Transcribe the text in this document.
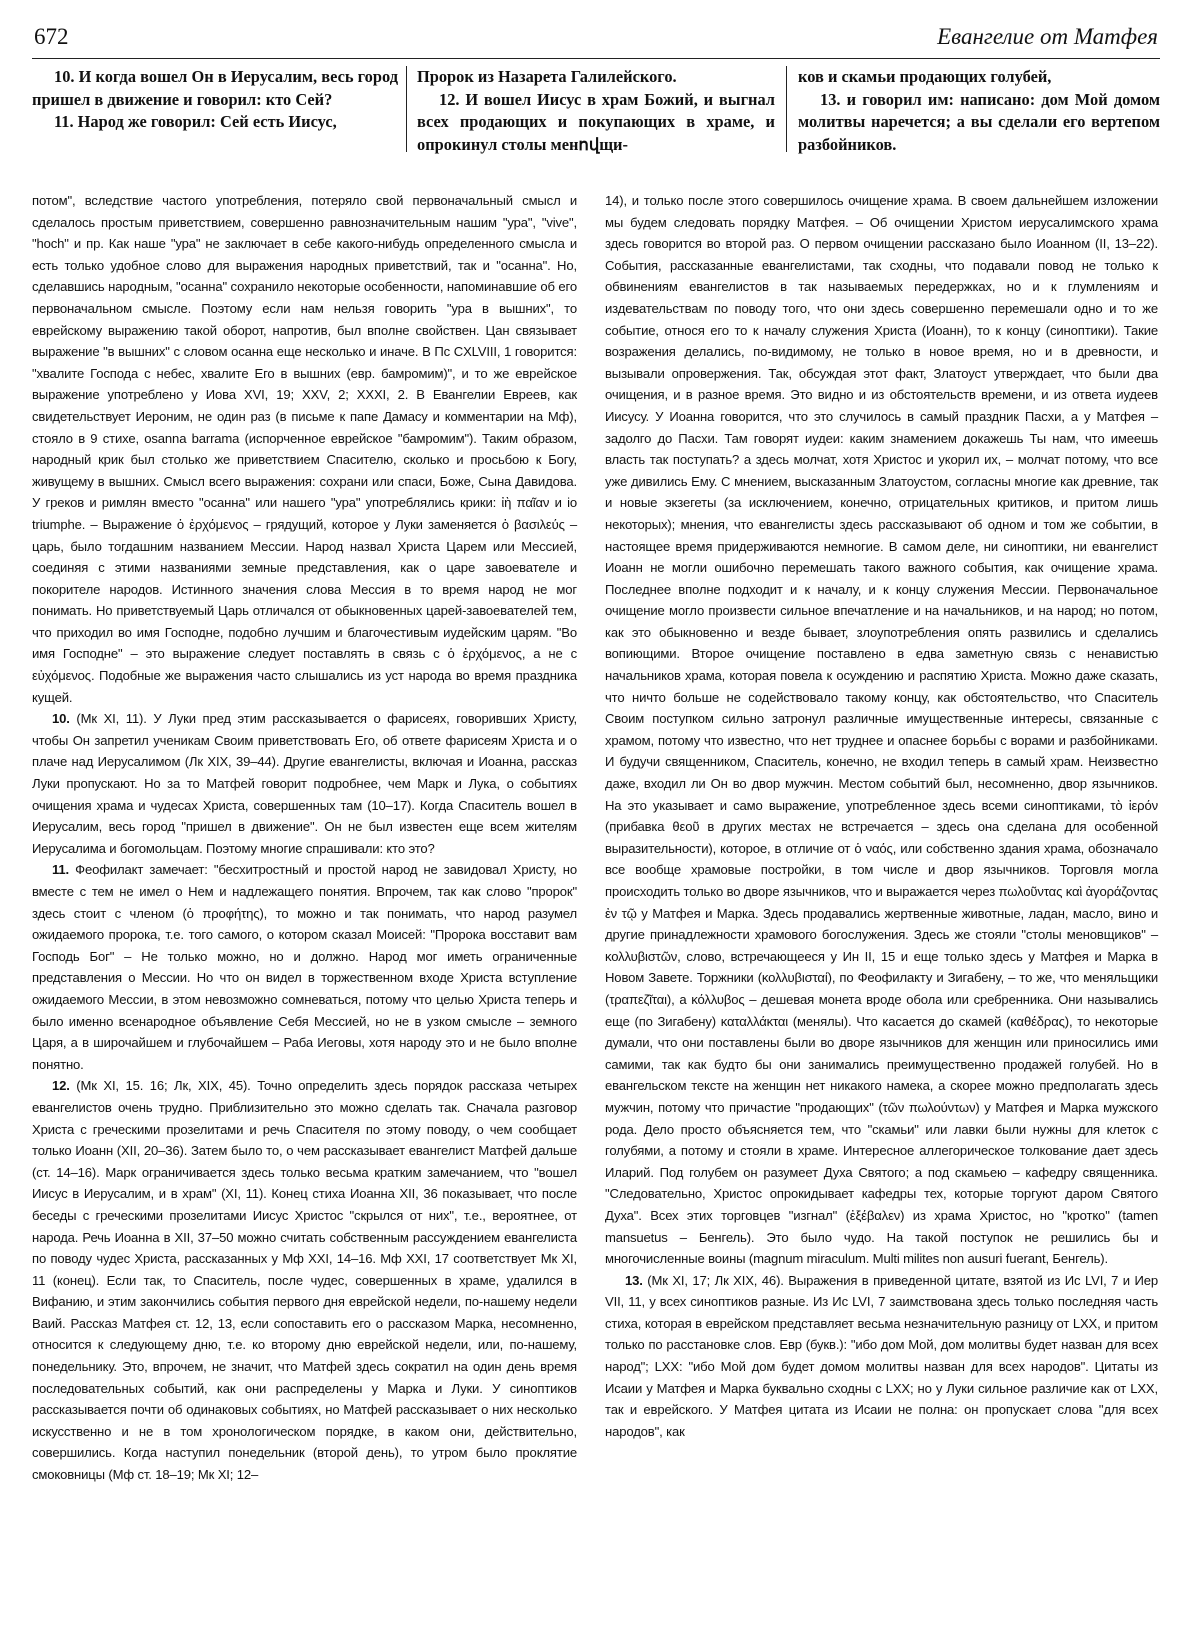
672	Евангелие от Матфея

10. И когда вошел Он в Иерусалим, весь город пришел в движение и говорил: кто Сей?

11. Народ же говорил: Сей есть Иисус,

Пророк из Назарета Галилейского.

12. И вошел Иисус в храм Божий, и выгнал всех продающих и покупающих в храме, и опрокинул столы менովщи-

ков и скамьи продающих голубей,

13. и говорил им: написано: дом Мой домом молитвы наречется; а вы сделали его вертепом разбойников.

потом", вследствие частого употребления, потеряло свой первоначальный смысл и сделалось простым приветствием, совершенно равнозначительным нашим "ура", "vive", "hoch" и пр. Как наше "ура" не заключает в себе какого-нибудь определенного смысла и есть только удобное слово для выражения народных приветствий, так и "осанна". Но, сделавшись народным, "осанна" сохранило некоторые особенности, напоминавшие об его первоначальном смысле. Поэтому если нам нельзя говорить "ура в вышних", то еврейскому выражению такой оборот, напротив, был вполне свойствен. Цан связывает выражение "в вышних" с словом осанна еще несколько и иначе. В Пс CXLVIII, 1 говорится: "хвалите Господа с небес, хвалите Его в вышних (евр. бамромим)", и то же еврейское выражение употреблено у Иова XVI, 19; XXV, 2; XXXI, 2. В Евангелии Евреев, как свидетельствует Иероним, не один раз (в письме к папе Дамасу и комментарии на Мф), стояло в 9 стихе, osanna barrama (испорченное еврейское "бамромим"). Таким образом, народный крик был столько же приветствием Спасителю, сколько и просьбою к Богу, живущему в вышних. Смысл всего выражения: сохрани или спаси, Боже, Сына Давидова. У греков и римлян вместо "осанна" или нашего "ура" употреблялись крики: ἰὴ παῖαν и io triumphe. – Выражение ὁ ἐρχόμενος – грядущий, которое у Луки заменяется ὁ βασιλεύς – царь, было тогдашним названием Мессии. Народ назвал Христа Царем или Мессией, соединяя с этими названиями земные представления, как о царе завоевателе и покорителе народов. Истинного значения слова Мессия в то время народ не мог понимать. Но приветствуемый Царь отличался от обыкновенных царей-завоевателей тем, что приходил во имя Господне, подобно лучшим и благочестивым иудейским царям. "Во имя Господне" – это выражение следует поставлять в связь с ὁ ἐρχόμενος, а не с εὐχόμενος. Подобные же выражения часто слышались из уст народа во время праздника кущей.

10. (Мк XI, 11). У Луки пред этим рассказывается о фарисеях, говоривших Христу, чтобы Он запретил ученикам Своим приветствовать Его, об ответе фарисеям Христа и о плаче над Иерусалимом (Лк XIX, 39–44). Другие евангелисты, включая и Иоанна, рассказ Луки пропускают. Но за то Матфей говорит подробнее, чем Марк и Лука, о событиях очищения храма и чудесах Христа, совершенных там (10–17). Когда Спаситель вошел в Иерусалим, весь город "пришел в движение". Он не был известен еще всем жителям Иерусалима и богомольцам. Поэтому многие спрашивали: кто это?

11. Феофилакт замечает: "бесхитростный и простой народ не завидовал Христу, но вместе с тем не имел о Нем и надлежащего понятия. Впрочем, так как слово "пророк" здесь стоит с членом (ὁ προφήτης), то можно и так понимать, что народ разумел ожидаемого пророка, т.е. того самого, о котором сказал Моисей: "Пророка восставит вам Господь Бог" – Не только можно, но и должно. Народ мог иметь ограниченные представления о Мессии. Но что он видел в торжественном входе Христа вступление ожидаемого Мессии, в этом невозможно сомневаться, потому что целью Христа теперь и было именно всенародное объявление Себя Мессией, но не в узком смысле – земного Царя, а в широчайшем и глубочайшем – Раба Иеговы, хотя народу это и не было вполне понятно.

12. (Мк XI, 15. 16; Лк, XIX, 45). Точно определить здесь порядок рассказа четырех евангелистов очень трудно. Приблизительно это можно сделать так. Сначала разговор Христа с греческими прозелитами и речь Спасителя по этому поводу, о чем сообщает только Иоанн (XII, 20–36). Затем было то, о чем рассказывает евангелист Матфей дальше (ст. 14–16). Марк ограничивается здесь только весьма кратким замечанием, что "вошел Иисус в Иерусалим, и в храм" (XI, 11). Конец стиха Иоанна XII, 36 показывает, что после беседы с греческими прозелитами Иисус Христос "скрылся от них", т.е., вероятнее, от народа. Речь Иоанна в XII, 37–50 можно считать собственным рассуждением евангелиста по поводу чудес Христа, рассказанных у Мф XXI, 14–16. Мф XXI, 17 соответствует Мк XI, 11 (конец). Если так, то Спаситель, после чудес, совершенных в храме, удалился в Вифанию, и этим закончились события первого дня еврейской недели, по-нашему недели Ваий. Рассказ Матфея ст. 12, 13, если сопоставить его о рассказом Марка, несомненно, относится к следующему дню, т.е. ко второму дню еврейской недели, или, по-нашему, понедельнику. Это, впрочем, не значит, что Матфей здесь сократил на один день время последовательных событий, как они распределены у Марка и Луки. У синоптиков рассказывается почти об одинаковых событиях, но Матфей рассказывает о них несколько искусственно и не в том хронологическом порядке, в каком они, действительно, совершились. Когда наступил понедельник (второй день), то утром было проклятие смоковницы (Мф ст. 18–19; Мк XI; 12–

14), и только после этого совершилось очищение храма. В своем дальнейшем изложении мы будем следовать порядку Матфея. – Об очищении Христом иерусалимского храма здесь говорится во второй раз. О первом очищении рассказано было Иоанном (II, 13–22). События, рассказанные евангелистами, так сходны, что подавали повод не только к обвинениям евангелистов в так называемых передержках, но и к глумлениям и издевательствам по поводу того, что они здесь совершенно перемешали одно и то же событие, относя его то к началу служения Христа (Иоанн), то к концу (синоптики). Такие возражения делались, по-видимому, не только в новое время, но и в древности, и вызывали опровержения. Так, обсуждая этот факт, Златоуст утверждает, что были два очищения, и в разное время. Это видно и из обстоятельств времени, и из ответа иудеев Иисусу. У Иоанна говорится, что это случилось в самый праздник Пасхи, а у Матфея – задолго до Пасхи. Там говорят иудеи: каким знамением докажешь Ты нам, что имеешь власть так поступать? а здесь молчат, хотя Христос и укорил их, – молчат потому, что все уже дивились Ему. С мнением, высказанным Златоустом, согласны многие как древние, так и новые экзегеты (за исключением, конечно, отрицательных критиков, и притом лишь некоторых); мнения, что евангелисты здесь рассказывают об одном и том же событии, в настоящее время придерживаются немногие. В самом деле, ни синоптики, ни евангелист Иоанн не могли ошибочно перемешать такого важного события, как очищение храма. Последнее вполне подходит и к началу, и к концу служения Мессии. Первоначальное очищение могло произвести сильное впечатление и на начальников, и на народ; но потом, как это обыкновенно и везде бывает, злоупотребления опять развились и сделались вопиющими. Второе очищение поставлено в едва заметную связь с ненавистью начальников храма, которая повела к осуждению и распятию Христа. Можно даже сказать, что ничто больше не содействовало такому концу, как обстоятельство, что Спаситель Своим поступком сильно затронул различные имущественные интересы, связанные с храмом, потому что известно, что нет труднее и опаснее борьбы с ворами и разбойниками. И будучи священником, Спаситель, конечно, не входил теперь в самый храм. Неизвестно даже, входил ли Он во двор мужчин. Местом событий был, несомненно, двор язычников. На это указывает и само выражение, употребленное здесь всеми синоптиками, τὸ ἱερόν (прибавка θεοῦ в других местах не встречается – здесь она сделана для особенной выразительности), которое, в отличие от ὁ ναός, или собственно здания храма, обозначало все вообще храмовые постройки, в том числе и двор язычников. Торговля могла происходить только во дворе язычников, что и выражается через πωλοῦντας καὶ ἀγοράζοντας ἐν τῷ у Матфея и Марка. Здесь продавались жертвенные животные, ладан, масло, вино и другие принадлежности храмового богослужения. Здесь же стояли "столы меновщиков" – κολλυβιστῶν, слово, встречающееся у Ин II, 15 и еще только здесь у Матфея и Марка в Новом Завете. Торжники (κολλυβισταί), по Феофилакту и Зигабену, – то же, что меняльщики (τραπεζῖται), а κόλλυβος – дешевая монета вроде обола или сребренника. Они назывались еще (по Зигабену) καταλλάκται (менялы). Что касается до скамей (καθέδρας), то некоторые думали, что они поставлены были во дворе язычников для женщин или приносились ими самими, так как будто бы они занимались преимущественно продажей голубей. Но в евангельском тексте на женщин нет никакого намека, а скорее можно предполагать здесь мужчин, потому что причастие "продающих" (τῶν πωλούντων) у Матфея и Марка мужского рода. Дело просто объясняется тем, что "скамьи" или лавки были нужны для клеток с голубями, а потому и стояли в храме. Интересное аллегорическое толкование дает здесь Иларий. Под голубем он разумеет Духа Святого; а под скамьею – кафедру священника. "Следовательно, Христос опрокидывает кафедры тех, которые торгуют даром Святого Духа". Всех этих торговцев "изгнал" (ἐξέβαλεν) из храма Христос, но "кротко" (tamen mansuetus – Бенгель). Это было чудо. На такой поступок не решились бы и многочисленные воины (magnum miraculum. Multi milites non ausuri fuerant, Бенгель).

13. (Мк XI, 17; Лк XIX, 46). Выражения в приведенной цитате, взятой из Ис LVI, 7 и Иер VII, 11, у всех синоптиков разные. Из Ис LVI, 7 заимствована здесь только последняя часть стиха, которая в еврейском представляет весьма незначительную разницу от LXX, и притом только по расстановке слов. Евр (букв.): "ибо дом Мой, дом молитвы будет назван для всех народ"; LXX: "ибо Мой дом будет домом молитвы назван для всех народов". Цитаты из Исаии у Матфея и Марка буквально сходны с LXX; но у Луки сильное различие как от LXX, так и еврейского. У Матфея цитата из Исаии не полна: он пропускает слова "для всех народов", как
